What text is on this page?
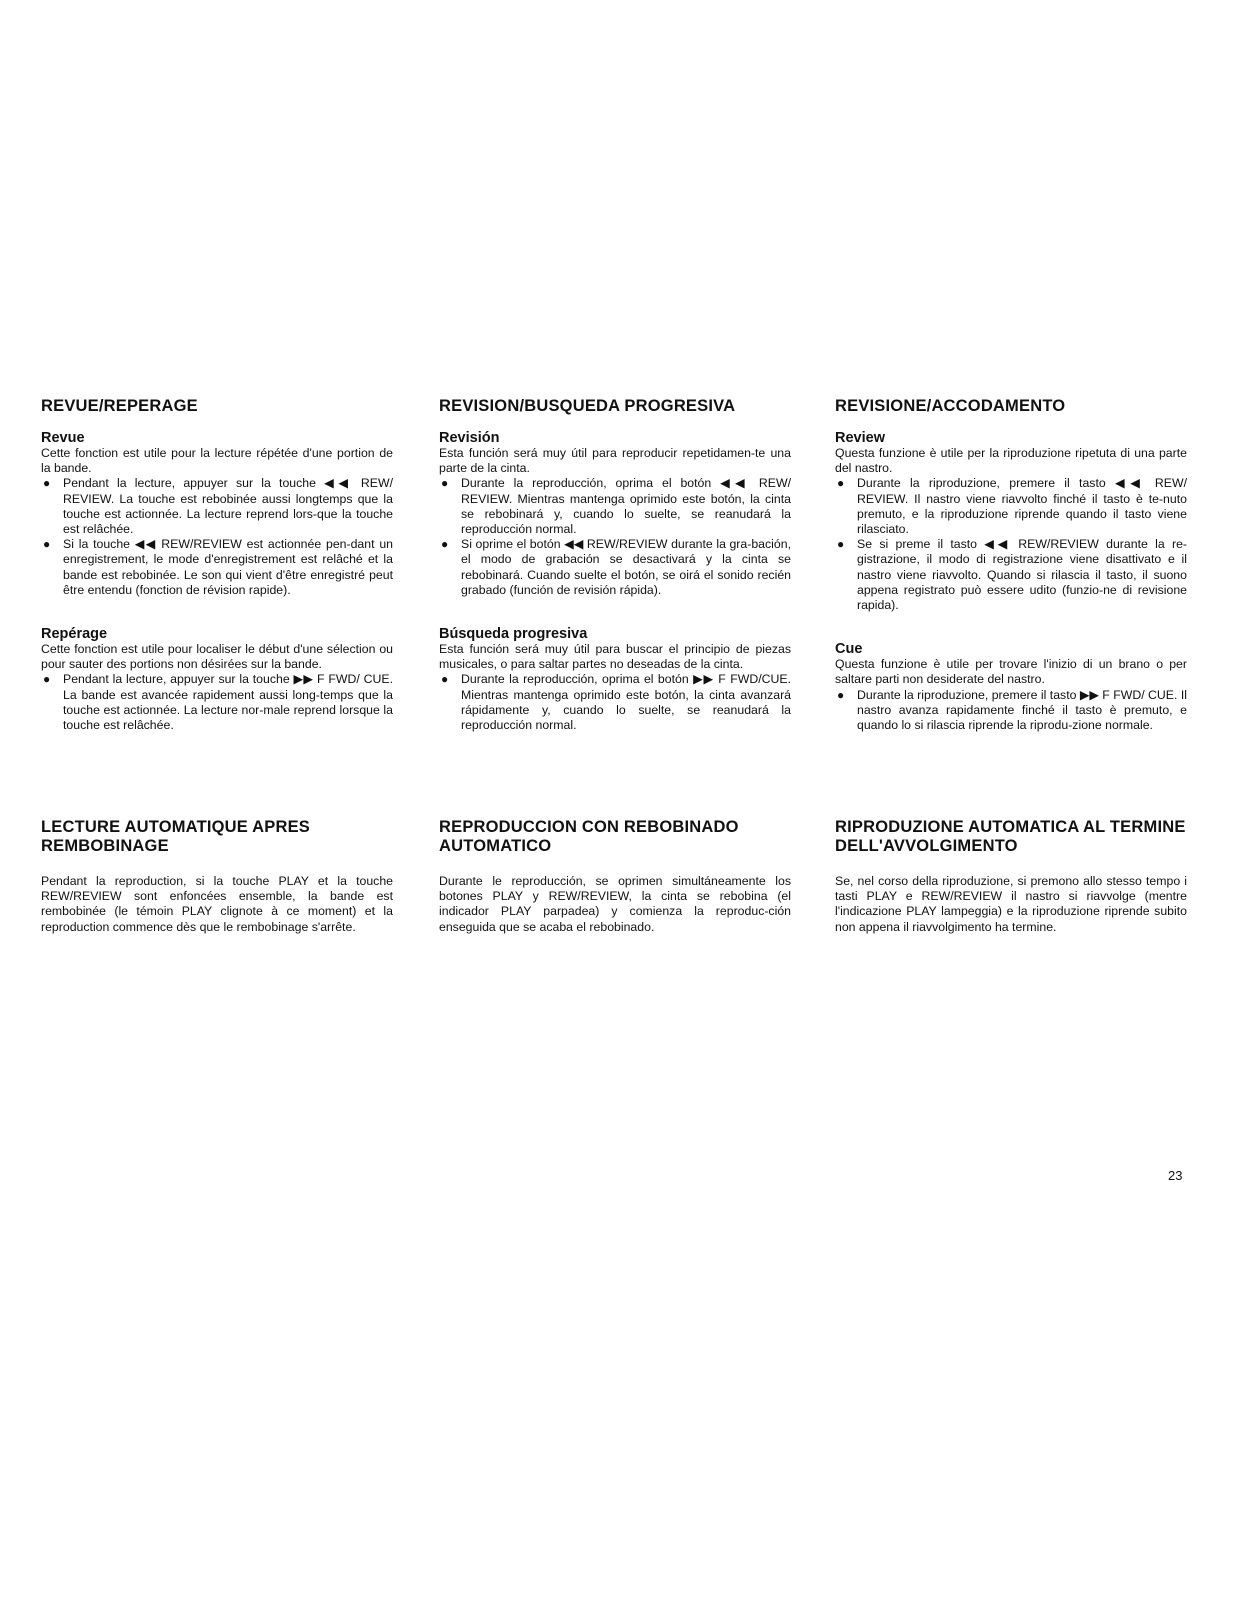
REVUE/REPERAGE
Revue

Cette fonction est utile pour la lecture répétée d'une portion de la bande.

● Pendant la lecture, appuyer sur la touche ◀◀ REW/ REVIEW. La touche est rebobinée aussi longtemps que la touche est actionnée. La lecture reprend lors-que la touche est relâchée.
● Si la touche ◀◀ REW/REVIEW est actionnée pen-dant un enregistrement, le mode d'enregistrement est relâché et la bande est rebobinée. Le son qui vient d'être enregistré peut être entendu (fonction de révision rapide).
Repérage

Cette fonction est utile pour localiser le début d'une sélection ou pour sauter des portions non désirées sur la bande.

● Pendant la lecture, appuyer sur la touche ▶▶ F FWD/ CUE. La bande est avancée rapidement aussi long-temps que la touche est actionnée. La lecture nor-male reprend lorsque la touche est relâchée.
REVISION/BUSQUEDA PROGRESIVA
Revisión

Esta función será muy útil para reproducir repetidamen-te una parte de la cinta.

● Durante la reproducción, oprima el botón ◀◀ REW/ REVIEW. Mientras mantenga oprimido este botón, la cinta se rebobinará y, cuando lo suelte, se reanudará la reproducción normal.
● Si oprime el botón ◀◀ REW/REVIEW durante la gra-bación, el modo de grabación se desactivará y la cinta se rebobinará. Cuando suelte el botón, se oirá el sonido recién grabado (función de revisión rápida).
Búsqueda progresiva

Esta función será muy útil para buscar el principio de piezas musicales, o para saltar partes no deseadas de la cinta.

● Durante la reproducción, oprima el botón ▶▶ F FWD/CUE. Mientras mantenga oprimido este botón, la cinta avanzará rápidamente y, cuando lo suelte, se reanudará la reproducción normal.
REVISIONE/ACCODAMENTO
Review

Questa funzione è utile per la riproduzione ripetuta di una parte del nastro.

● Durante la riproduzione, premere il tasto ◀◀ REW/ REVIEW. Il nastro viene riavvolto finché il tasto è te-nuto premuto, e la riproduzione riprende quando il tasto viene rilasciato.
● Se si preme il tasto ◀◀ REW/REVIEW durante la re-gistrazione, il modo di registrazione viene disattivato e il nastro viene riavvolto. Quando si rilascia il tasto, il suono appena registrato può essere udito (funzio-ne di revisione rapida).
Cue

Questa funzione è utile per trovare l'inizio di un brano o per saltare parti non desiderate del nastro.

● Durante la riproduzione, premere il tasto ▶▶ F FWD/ CUE. Il nastro avanza rapidamente finché il tasto è premuto, e quando lo si rilascia riprende la riprodu-zione normale.
LECTURE AUTOMATIQUE APRES REMBOBINAGE

Pendant la reproduction, si la touche PLAY et la touche REW/REVIEW sont enfoncées ensemble, la bande est rembobinée (le témoin PLAY clignote à ce moment) et la reproduction commence dès que le rembobinage s'arrête.

REPRODUCCION CON REBOBINADO AUTOMATICO

Durante le reproducción, se oprimen simultáneamente los botones PLAY y REW/REVIEW, la cinta se rebobina (el indicador PLAY parpadea) y comienza la reproduc-ción enseguida que se acaba el rebobinado.

RIPRODUZIONE AUTOMATICA AL TERMINE DELL'AVVOLGIMENTO

Se, nel corso della riproduzione, si premono allo stesso tempo i tasti PLAY e REW/REVIEW il nastro si riavvolge (mentre l'indicazione PLAY lampeggia) e la riproduzione riprende subito non appena il riavvolgimento ha termine.

23
